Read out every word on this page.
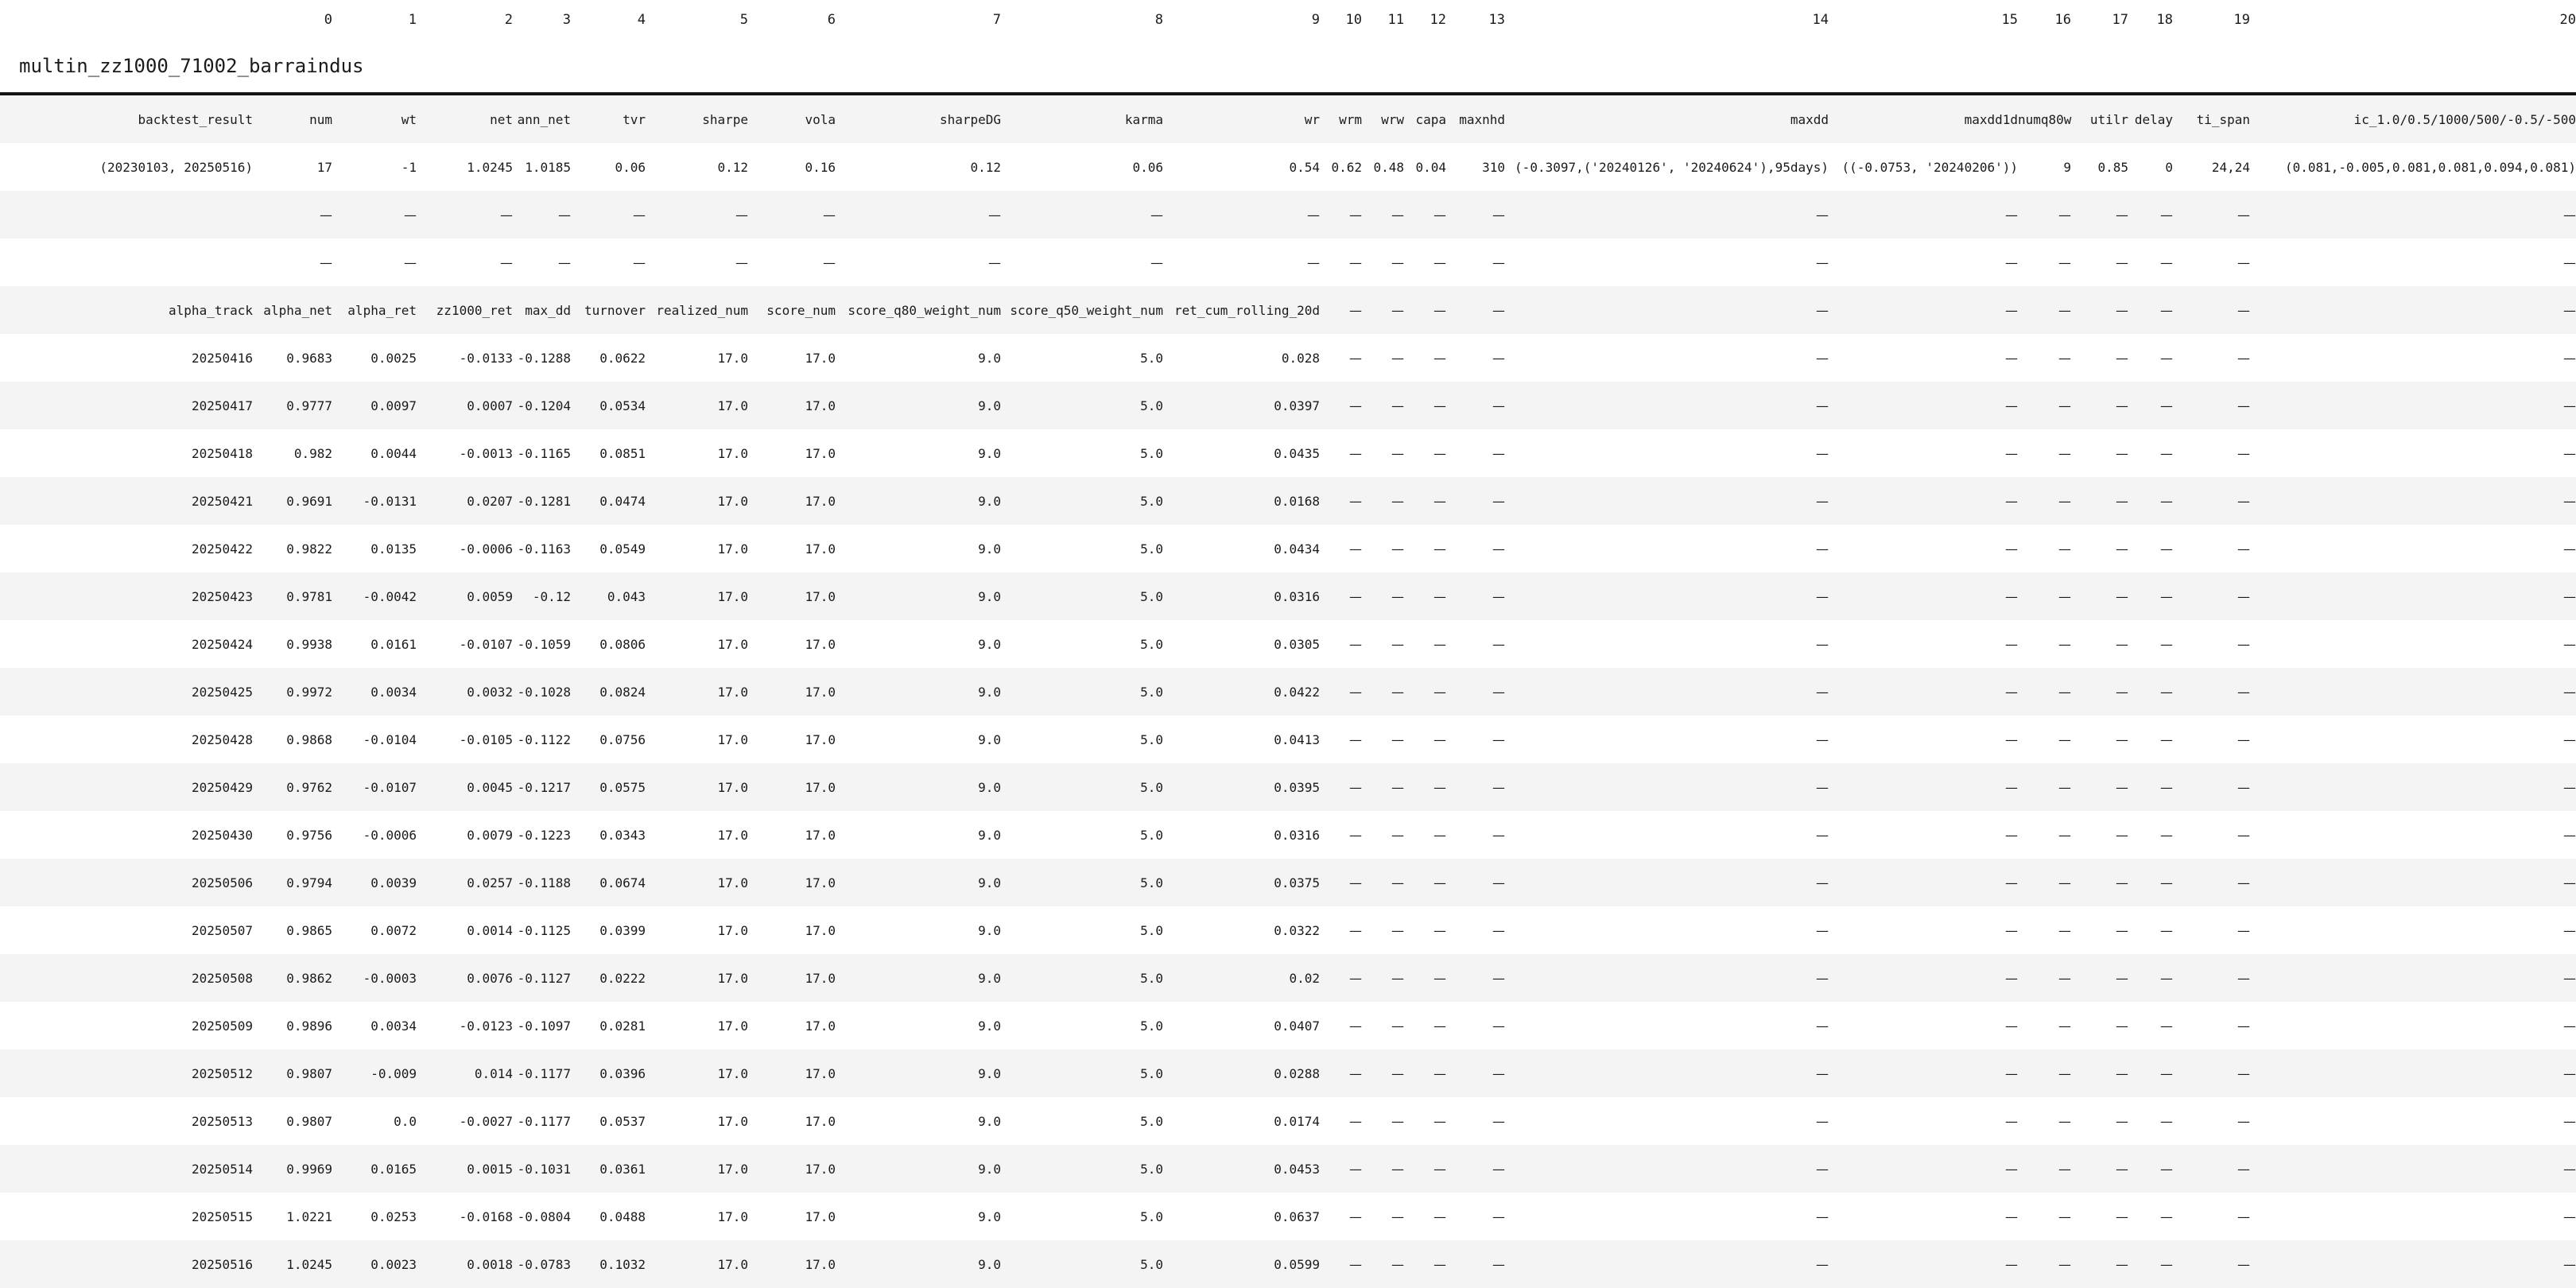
	0	1	2	3	4	5	6	7	8	9	10	11	12	13	14	15	16	17	18	19	20
multin_zz1000_71002_barraindus																					
backtest_result	num	wt	net	ann_net	tvr	sharpe	vola	sharpeDG	karma	wr	wrm	wrw	capa	maxnhd	maxdd	maxdd1d	numq80w	utilr	delay	ti_span	ic_1.0/0.5/1000/500/-0.5/-500
(20230103, 20250516)	17	-1	1.0245	1.0185	0.06	0.12	0.16	0.12	0.06	0.54	0.62	0.48	0.04	310	(-0.3097,('20240126', '20240624'),95days)	((-0.0753, '20240206'))	9	0.85	0	24,24	(0.081,-0.005,0.081,0.081,0.094,0.081)
	—	—	—	—	—	—	—	—	—	—	—	—	—	—	—	—	—	—	—	—	—
	—	—	—	—	—	—	—	—	—	—	—	—	—	—	—	—	—	—	—	—	—
alpha_track	alpha_net	alpha_ret	zz1000_ret	max_dd	turnover	realized_num	score_num	score_q80_weight_num	score_q50_weight_num	ret_cum_rolling_20d	—	—	—	—	—	—	—	—	—	—	—
20250416	0.9683	0.0025	-0.0133	-0.1288	0.0622	17.0	17.0	9.0	5.0	0.028	—	—	—	—	—	—	—	—	—	—	—
20250417	0.9777	0.0097	0.0007	-0.1204	0.0534	17.0	17.0	9.0	5.0	0.0397	—	—	—	—	—	—	—	—	—	—	—
20250418	0.982	0.0044	-0.0013	-0.1165	0.0851	17.0	17.0	9.0	5.0	0.0435	—	—	—	—	—	—	—	—	—	—	—
20250421	0.9691	-0.0131	0.0207	-0.1281	0.0474	17.0	17.0	9.0	5.0	0.0168	—	—	—	—	—	—	—	—	—	—	—
20250422	0.9822	0.0135	-0.0006	-0.1163	0.0549	17.0	17.0	9.0	5.0	0.0434	—	—	—	—	—	—	—	—	—	—	—
20250423	0.9781	-0.0042	0.0059	-0.12	0.043	17.0	17.0	9.0	5.0	0.0316	—	—	—	—	—	—	—	—	—	—	—
20250424	0.9938	0.0161	-0.0107	-0.1059	0.0806	17.0	17.0	9.0	5.0	0.0305	—	—	—	—	—	—	—	—	—	—	—
20250425	0.9972	0.0034	0.0032	-0.1028	0.0824	17.0	17.0	9.0	5.0	0.0422	—	—	—	—	—	—	—	—	—	—	—
20250428	0.9868	-0.0104	-0.0105	-0.1122	0.0756	17.0	17.0	9.0	5.0	0.0413	—	—	—	—	—	—	—	—	—	—	—
20250429	0.9762	-0.0107	0.0045	-0.1217	0.0575	17.0	17.0	9.0	5.0	0.0395	—	—	—	—	—	—	—	—	—	—	—
20250430	0.9756	-0.0006	0.0079	-0.1223	0.0343	17.0	17.0	9.0	5.0	0.0316	—	—	—	—	—	—	—	—	—	—	—
20250506	0.9794	0.0039	0.0257	-0.1188	0.0674	17.0	17.0	9.0	5.0	0.0375	—	—	—	—	—	—	—	—	—	—	—
20250507	0.9865	0.0072	0.0014	-0.1125	0.0399	17.0	17.0	9.0	5.0	0.0322	—	—	—	—	—	—	—	—	—	—	—
20250508	0.9862	-0.0003	0.0076	-0.1127	0.0222	17.0	17.0	9.0	5.0	0.02	—	—	—	—	—	—	—	—	—	—	—
20250509	0.9896	0.0034	-0.0123	-0.1097	0.0281	17.0	17.0	9.0	5.0	0.0407	—	—	—	—	—	—	—	—	—	—	—
20250512	0.9807	-0.009	0.014	-0.1177	0.0396	17.0	17.0	9.0	5.0	0.0288	—	—	—	—	—	—	—	—	—	—	—
20250513	0.9807	0.0	-0.0027	-0.1177	0.0537	17.0	17.0	9.0	5.0	0.0174	—	—	—	—	—	—	—	—	—	—	—
20250514	0.9969	0.0165	0.0015	-0.1031	0.0361	17.0	17.0	9.0	5.0	0.0453	—	—	—	—	—	—	—	—	—	—	—
20250515	1.0221	0.0253	-0.0168	-0.0804	0.0488	17.0	17.0	9.0	5.0	0.0637	—	—	—	—	—	—	—	—	—	—	—
20250516	1.0245	0.0023	0.0018	-0.0783	0.1032	17.0	17.0	9.0	5.0	0.0599	—	—	—	—	—	—	—	—	—	—	—
